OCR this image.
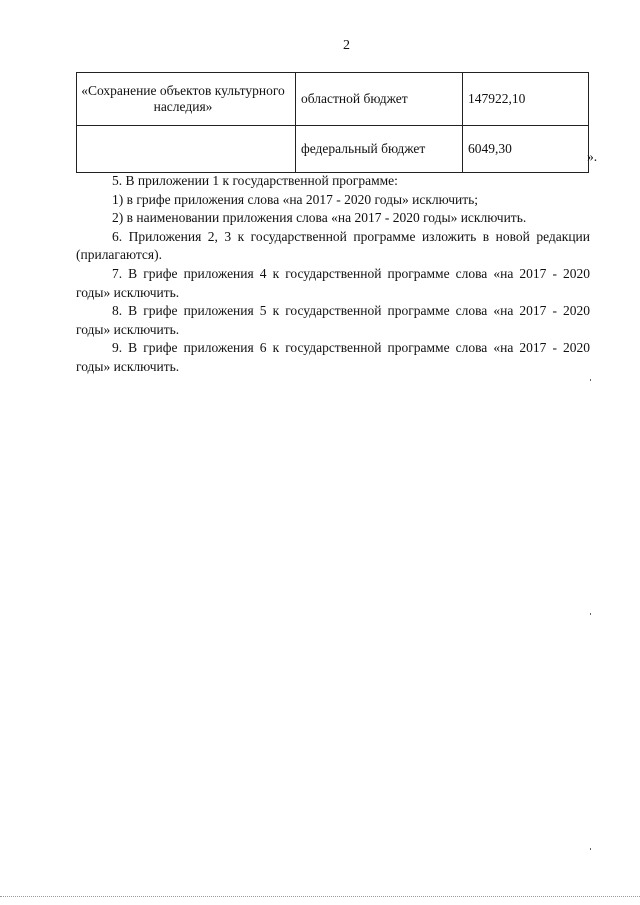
2
«Сохранение объектов культурного наследия»	областной бюджет	147922,10
	федеральный бюджет	6049,30
».

5. В приложении 1 к государственной программе:

1) в грифе приложения слова «на 2017 - 2020 годы» исключить;

2) в наименовании приложения слова «на 2017 - 2020 годы» исключить.

6. Приложения 2, 3 к государственной программе изложить в новой редакции (прилагаются).

7. В грифе приложения 4 к государственной программе слова «на 2017 - 2020 годы» исключить.

8. В грифе приложения 5 к государственной программе слова «на 2017 - 2020 годы» исключить.

9. В грифе приложения 6 к государственной программе слова «на 2017 - 2020 годы» исключить.
